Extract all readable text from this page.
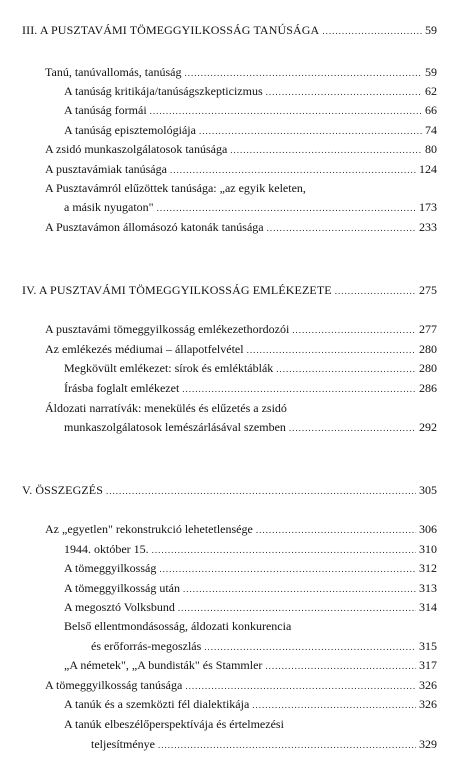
III. A PUSZTAVÁMI TÖMEGGYILKOSSÁG TANÚSÁGA .....	59
Tanú, tanúvallomás, tanúság .....	59
A tanúság kritikája/tanúságszkepticizmus .....	62
A tanúság formái .....	66
A tanúság episztemológiája .....	74
A zsidó munkaszolgálatosok tanúsága .....	80
A pusztavámiak tanúsága .....	124
A Pusztavámról elűzöttek tanúsága: „az egyik keleten,
a másik nyugaton" .....	173
A Pusztavámon állomásozó katonák tanúsága .....	233
IV. A PUSZTAVÁMI TÖMEGGYILKOSSÁG EMLÉKEZETE .....	275
A pusztavámi tömeggyilkosság emlékezethordozói .....	277
Az emlékezés médiumai – állapotfelvétel .....	280
Megkövült emlékezet: sírok és emléktáblák .....	280
Írásba foglalt emlékezet .....	286
Áldozati narratívák: menekülés és elűzetés a zsidó
munkaszolgálatosok lemészárlásával szemben .....	292
V. ÖSSZEGZÉS .....	305
Az „egyetlen" rekonstrukció lehetetlensége .....	306
1944. október 15. .....	310
A tömeggyilkosság .....	312
A tömeggyilkosság után .....	313
A megosztó Volksbund .....	314
Belső ellentmondásosság, áldozati konkurencia
és erőforrás-megoszlás .....	315
„A németek", „A bundisták" és Stammler .....	317
A tömeggyilkosság tanúsága .....	326
A tanúk és a szemközti fél dialektikája .....	326
A tanúk elbeszélőperspektívája és értelmezési
teljesítménye .....	329
